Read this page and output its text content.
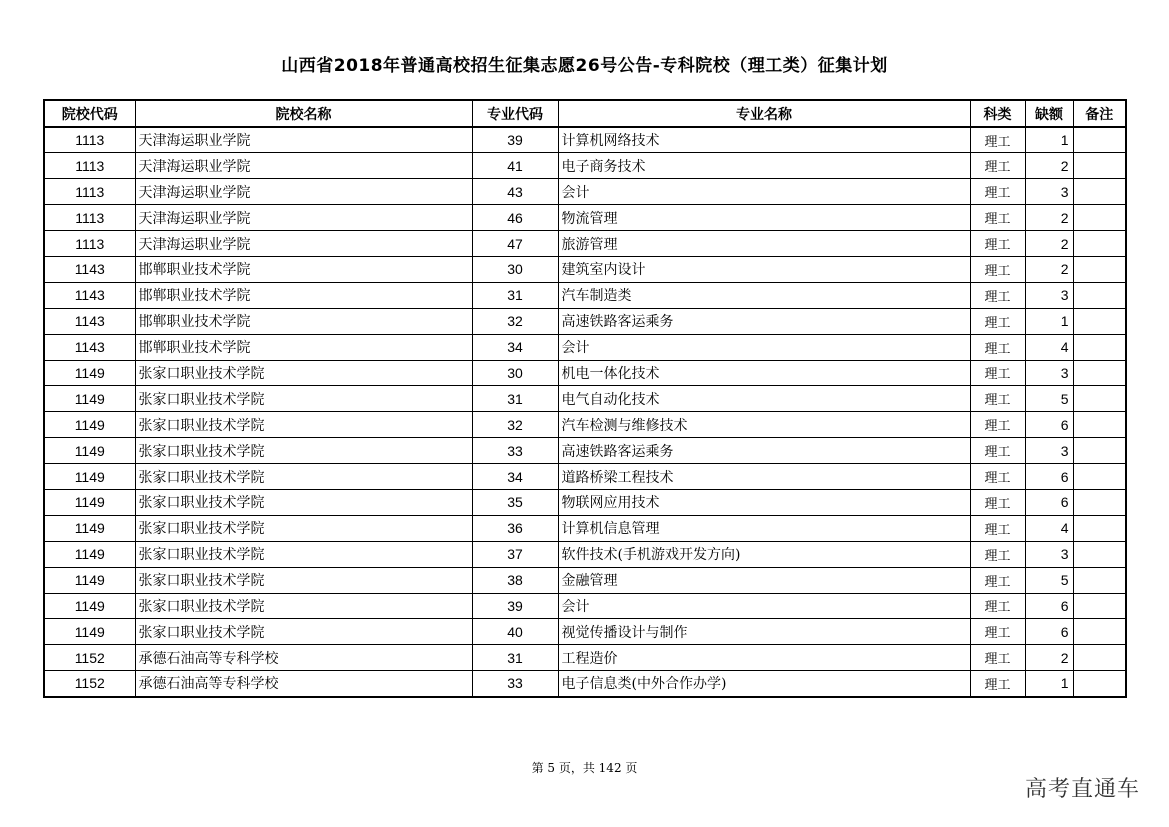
山西省2018年普通高校招生征集志愿26号公告-专科院校（理工类）征集计划
院校代码	院校名称	专业代码	专业名称	科类	缺额	备注
1113	天津海运职业学院	39	计算机网络技术	理工	1	
1113	天津海运职业学院	41	电子商务技术	理工	2	
1113	天津海运职业学院	43	会计	理工	3	
1113	天津海运职业学院	46	物流管理	理工	2	
1113	天津海运职业学院	47	旅游管理	理工	2	
1143	邯郸职业技术学院	30	建筑室内设计	理工	2	
1143	邯郸职业技术学院	31	汽车制造类	理工	3	
1143	邯郸职业技术学院	32	高速铁路客运乘务	理工	1	
1143	邯郸职业技术学院	34	会计	理工	4	
1149	张家口职业技术学院	30	机电一体化技术	理工	3	
1149	张家口职业技术学院	31	电气自动化技术	理工	5	
1149	张家口职业技术学院	32	汽车检测与维修技术	理工	6	
1149	张家口职业技术学院	33	高速铁路客运乘务	理工	3	
1149	张家口职业技术学院	34	道路桥梁工程技术	理工	6	
1149	张家口职业技术学院	35	物联网应用技术	理工	6	
1149	张家口职业技术学院	36	计算机信息管理	理工	4	
1149	张家口职业技术学院	37	软件技术(手机游戏开发方向)	理工	3	
1149	张家口职业技术学院	38	金融管理	理工	5	
1149	张家口职业技术学院	39	会计	理工	6	
1149	张家口职业技术学院	40	视觉传播设计与制作	理工	6	
1152	承德石油高等专科学校	31	工程造价	理工	2	
1152	承德石油高等专科学校	33	电子信息类(中外合作办学)	理工	1	
第 5 页，共 142 页
高考直通车
